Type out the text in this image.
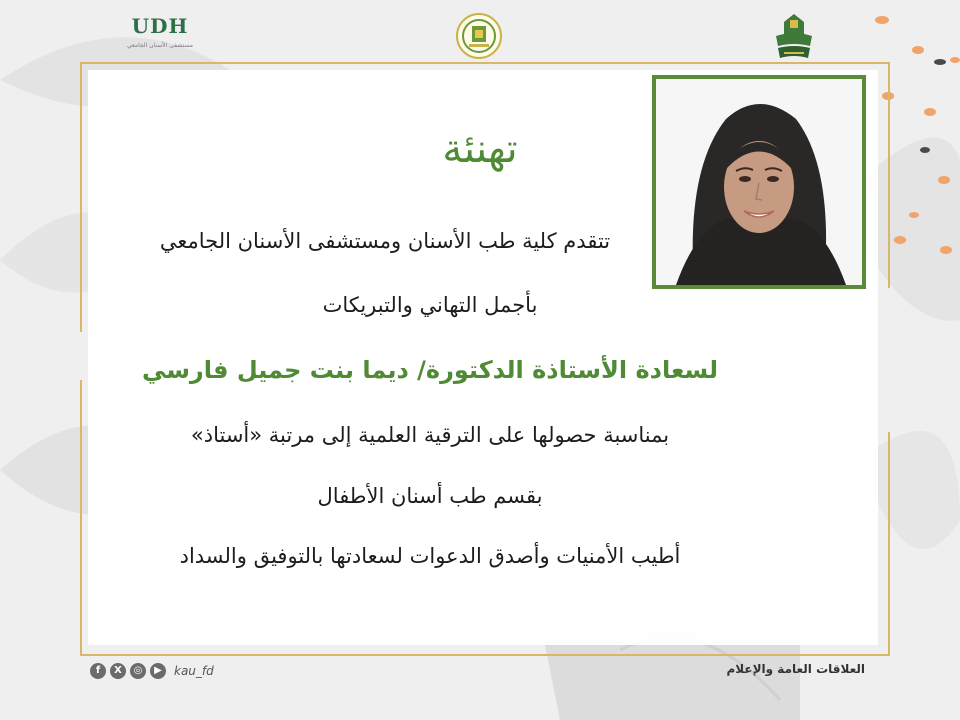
UDH
مستشفى الأسنان الجامعي
تهنئة
تتقدم كلية طب الأسنان ومستشفى الأسنان الجامعي
بأجمل التهاني والتبريكات
لسعادة الأستاذة الدكتورة/ ديما بنت جميل فارسي
بمناسبة حصولها على الترقية العلمية إلى مرتبة «أستاذ»
بقسم طب أسنان الأطفال
أطيب الأمنيات وأصدق الدعوات لسعادتها بالتوفيق والسداد
f	X	◎	▶	kau_fd	العلاقات العامة والإعلام
